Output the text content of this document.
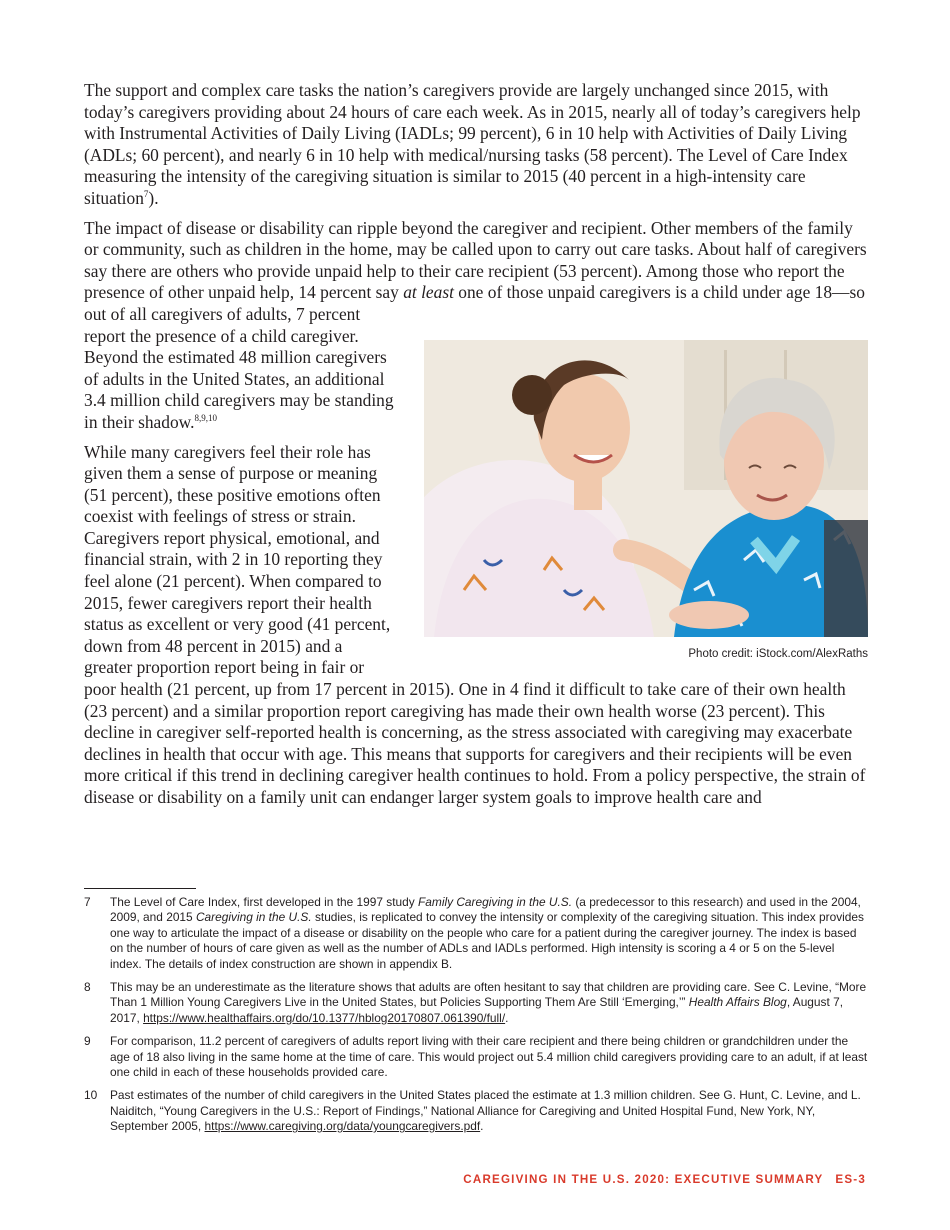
The support and complex care tasks the nation’s caregivers provide are largely unchanged since 2015, with today’s caregivers providing about 24 hours of care each week. As in 2015, nearly all of today’s caregivers help with Instrumental Activities of Daily Living (IADLs; 99 percent), 6 in 10 help with Activities of Daily Living (ADLs; 60 percent), and nearly 6 in 10 help with medical/nursing tasks (58 percent). The Level of Care Index measuring the intensity of the caregiving situation is similar to 2015 (40 percent in a high-intensity care situation$^7$).

The impact of disease or disability can ripple beyond the caregiver and recipient. Other members of the family or community, such as children in the home, may be called upon to carry out care tasks. About half of caregivers say there are others who provide unpaid help to their care recipient (53 percent). Among those who report the presence of other unpaid help, 14 percent say at least
Photo credit: iStock.com/AlexRaths
one of those unpaid caregivers is a child under age 18—so out of all caregivers of adults, 7 percent report the presence of a child caregiver. Beyond the estimated 48 million caregivers of adults in the United States, an additional 3.4 million child caregivers may be standing in their shadow.$^{8,9,10}$

While many caregivers feel their role has given them a sense of purpose or meaning (51 percent), these positive emotions often coexist with feelings of stress or strain. Caregivers report physical, emotional, and financial strain, with 2 in 10 reporting they feel alone (21 percent). When compared to 2015, fewer caregivers report their health status as excellent or very good (41 percent, down from 48 percent in 2015) and a greater proportion report being in fair or poor health (21 percent, up from 17 percent in 2015). One in 4 find it difficult to take care of their own health (23 percent) and a similar proportion report caregiving has made their own health worse (23 percent). This decline in caregiver self-reported health is concerning, as the stress associated with caregiving may exacerbate declines in health that occur with age. This means that supports for caregivers and their recipients will be even more critical if this trend in declining caregiver health continues to hold. From a policy perspective, the strain of disease or disability on a family unit can endanger larger system goals to improve health care and

7	The Level of Care Index, first developed in the 1997 study Family Caregiving in the U.S. (a predecessor to this research) and used in the 2004, 2009, and 2015 Caregiving in the U.S. studies, is replicated to convey the intensity or complexity of the caregiving situation. This index provides one way to articulate the impact of a disease or disability on the people who care for a patient during the caregiver journey. The index is based on the number of hours of care given as well as the number of ADLs and IADLs performed. High intensity is scoring a 4 or 5 on the 5-level index. The details of index construction are shown in appendix B.
8	This may be an underestimate as the literature shows that adults are often hesitant to say that children are providing care. See C. Levine, “More Than 1 Million Young Caregivers Live in the United States, but Policies Supporting Them Are Still ‘Emerging,’” Health Affairs Blog, August 7, 2017, https://www.healthaffairs.org/do/10.1377/hblog20170807.061390/full/.
9	For comparison, 11.2 percent of caregivers of adults report living with their care recipient and there being children or grandchildren under the age of 18 also living in the same home at the time of care. This would project out 5.4 million child caregivers providing care to an adult, if at least one child in each of these households provided care.
10	Past estimates of the number of child caregivers in the United States placed the estimate at 1.3 million children. See G. Hunt, C. Levine, and L. Naiditch, “Young Caregivers in the U.S.: Report of Findings,” National Alliance for Caregiving and United Hospital Fund, New York, NY, September 2005, https://www.caregiving.org/data/youngcaregivers.pdf.
CAREGIVING IN THE U.S. 2020: EXECUTIVE SUMMARY ES-3
